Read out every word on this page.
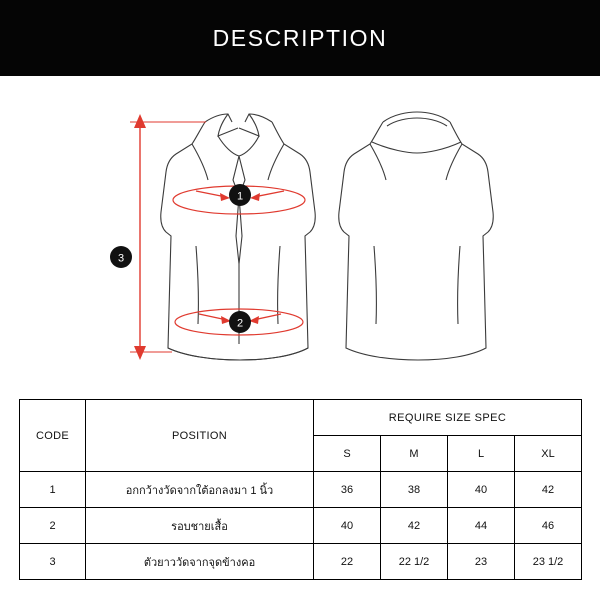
DESCRIPTION
1
2
3
CODE	POSITION	REQUIRE SIZE SPEC			
		S	M	L	XL
1	อกกว้างวัดจากใต้อกลงมา 1 นิ้ว	36	38	40	42
2	รอบชายเสื้อ	40	42	44	46
3	ตัวยาววัดจากจุดข้างคอ	22	22 1/2	23	23 1/2
